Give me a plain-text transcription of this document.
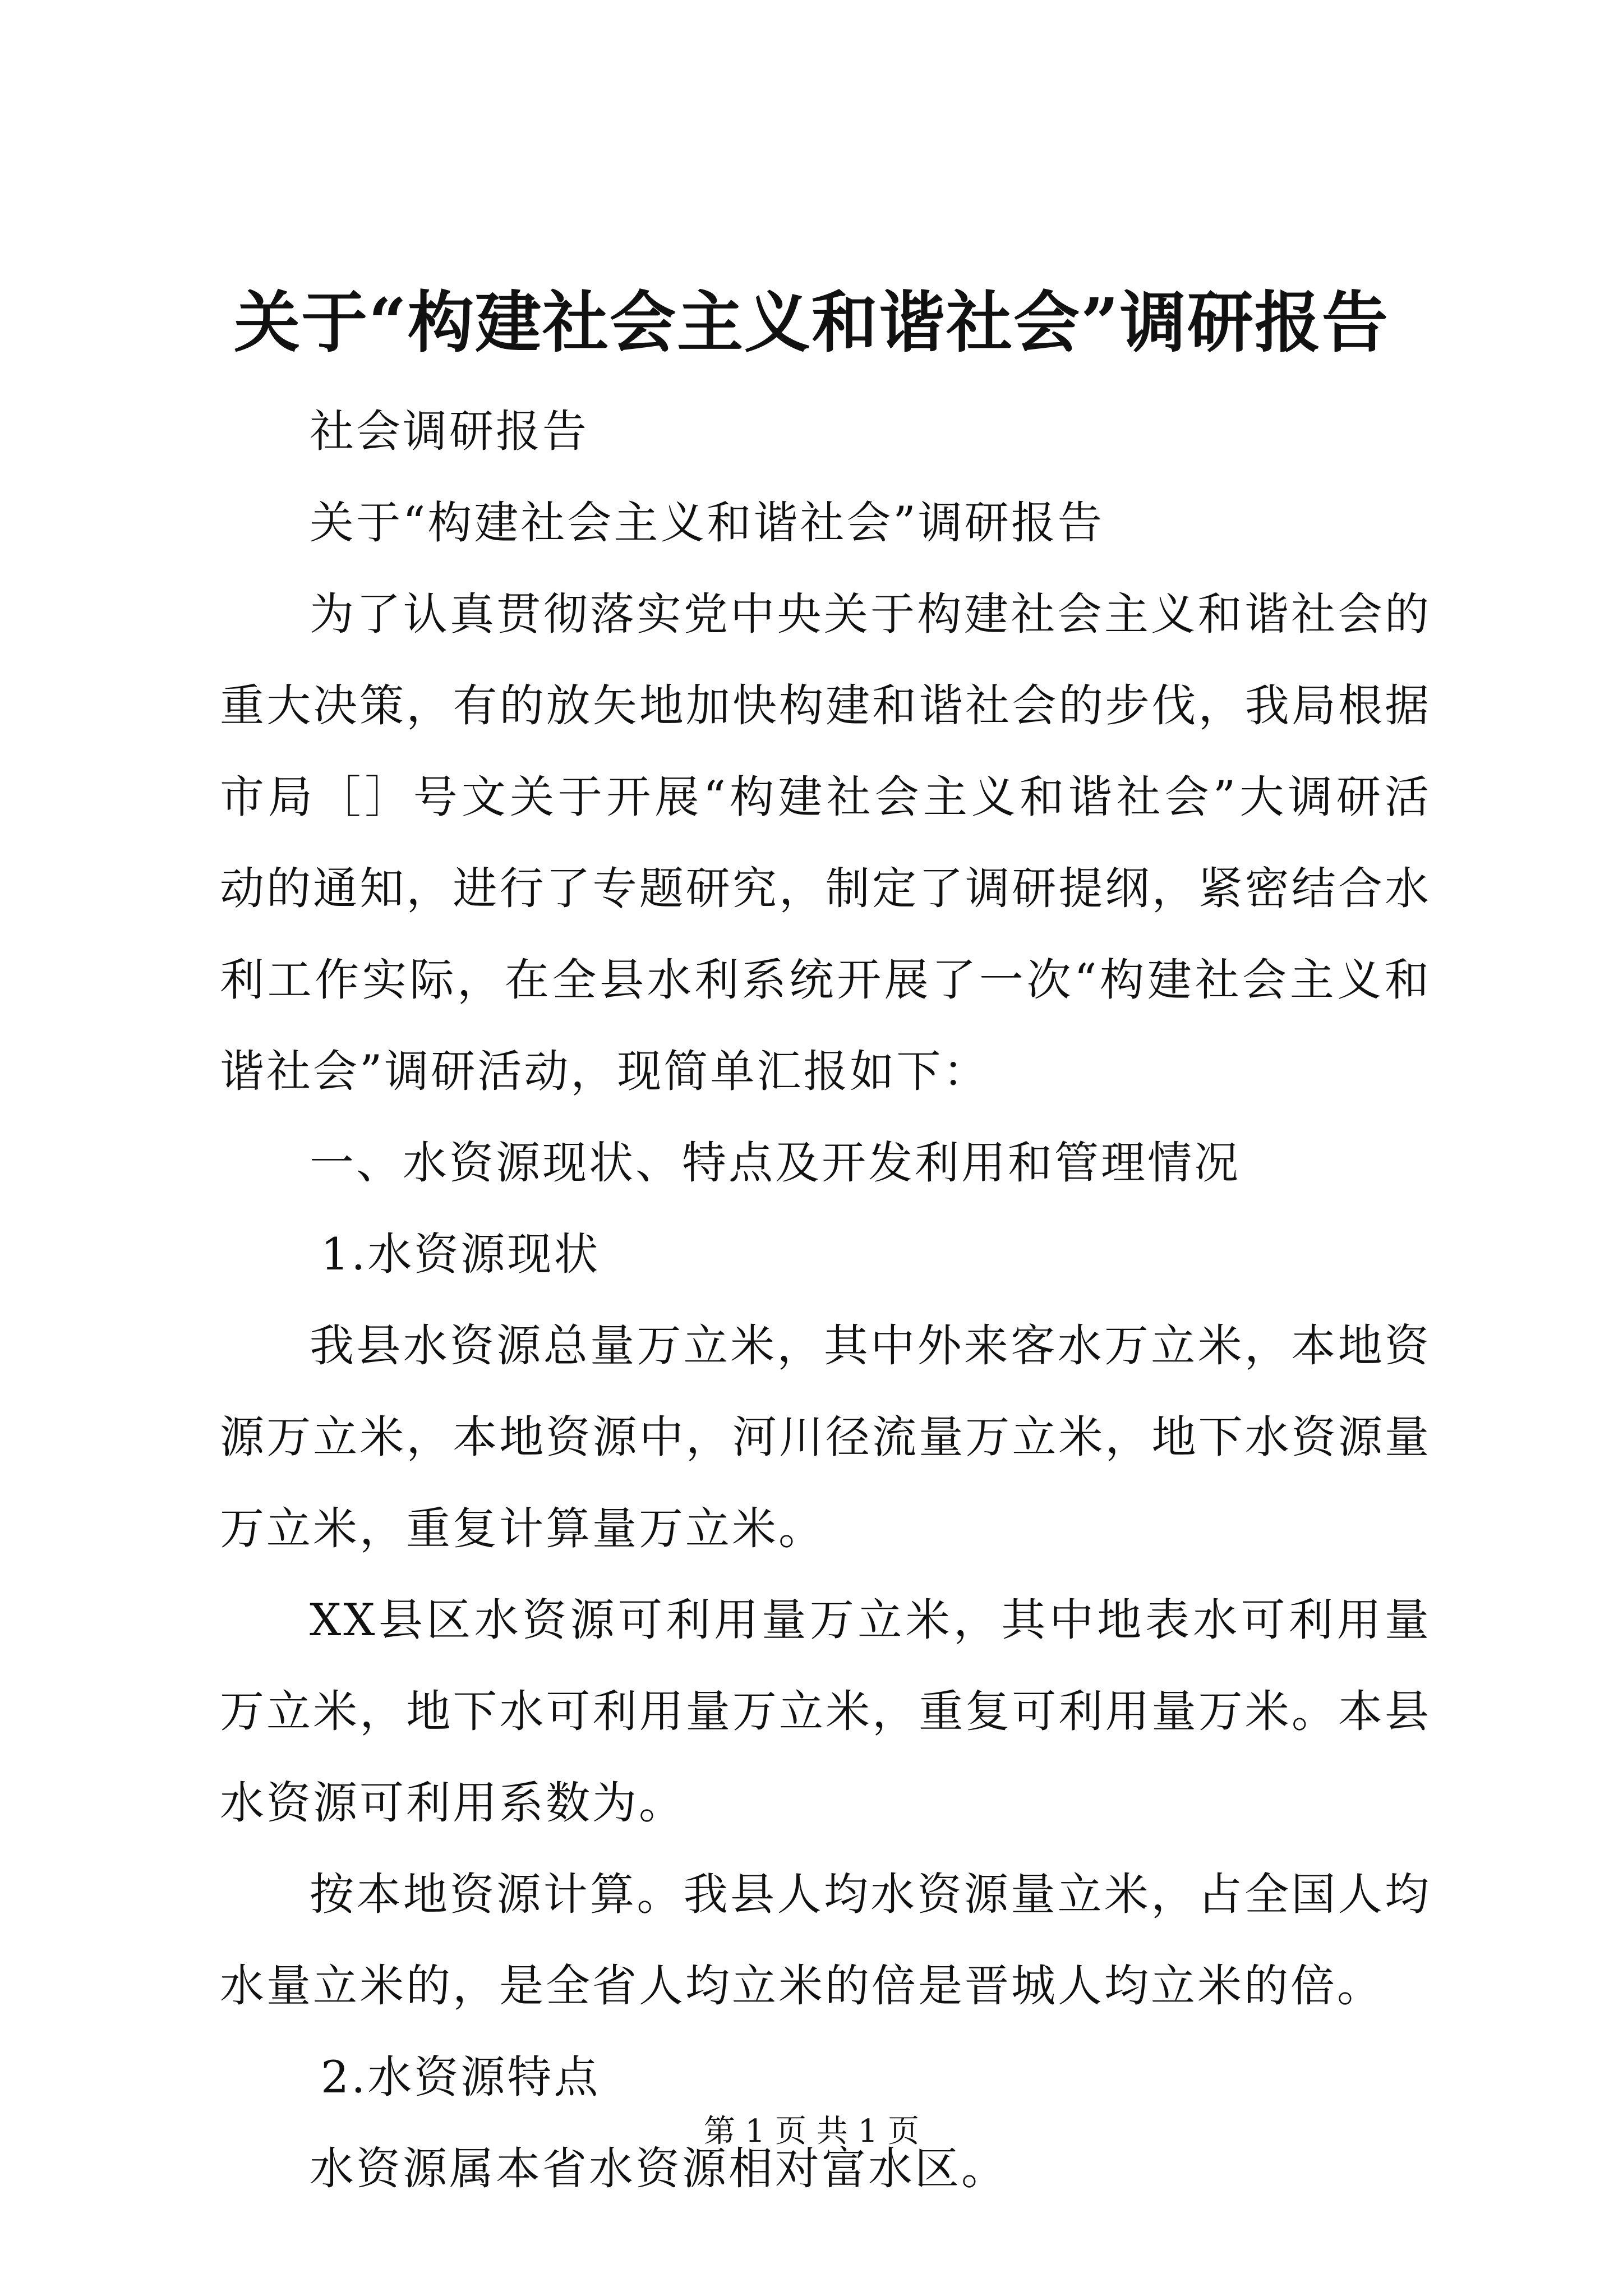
关于“构建社会主义和谐社会”调研报告

社会调研报告

关于“构建社会主义和谐社会”调研报告

为了认真贯彻落实党中央关于构建社会主义和谐社会的重大决策，有的放矢地加快构建和谐社会的步伐，我局根据市局［］号文关于开展“构建社会主义和谐社会”大调研活动的通知，进行了专题研究，制定了调研提纲，紧密结合水利工作实际，在全县水利系统开展了一次“构建社会主义和谐社会”调研活动，现简单汇报如下：

一、水资源现状、特点及开发利用和管理情况

1.水资源现状

我县水资源总量万立米，其中外来客水万立米，本地资源万立米，本地资源中，河川径流量万立米，地下水资源量万立米，重复计算量万立米。

XX县区水资源可利用量万立米，其中地表水可利用量万立米，地下水可利用量万立米，重复可利用量万米。本县水资源可利用系数为。

按本地资源计算。我县人均水资源量立米，占全国人均水量立米的，是全省人均立米的倍是晋城人均立米的倍。

2.水资源特点

水资源属本省水资源相对富水区。

第 1 页 共 1 页
